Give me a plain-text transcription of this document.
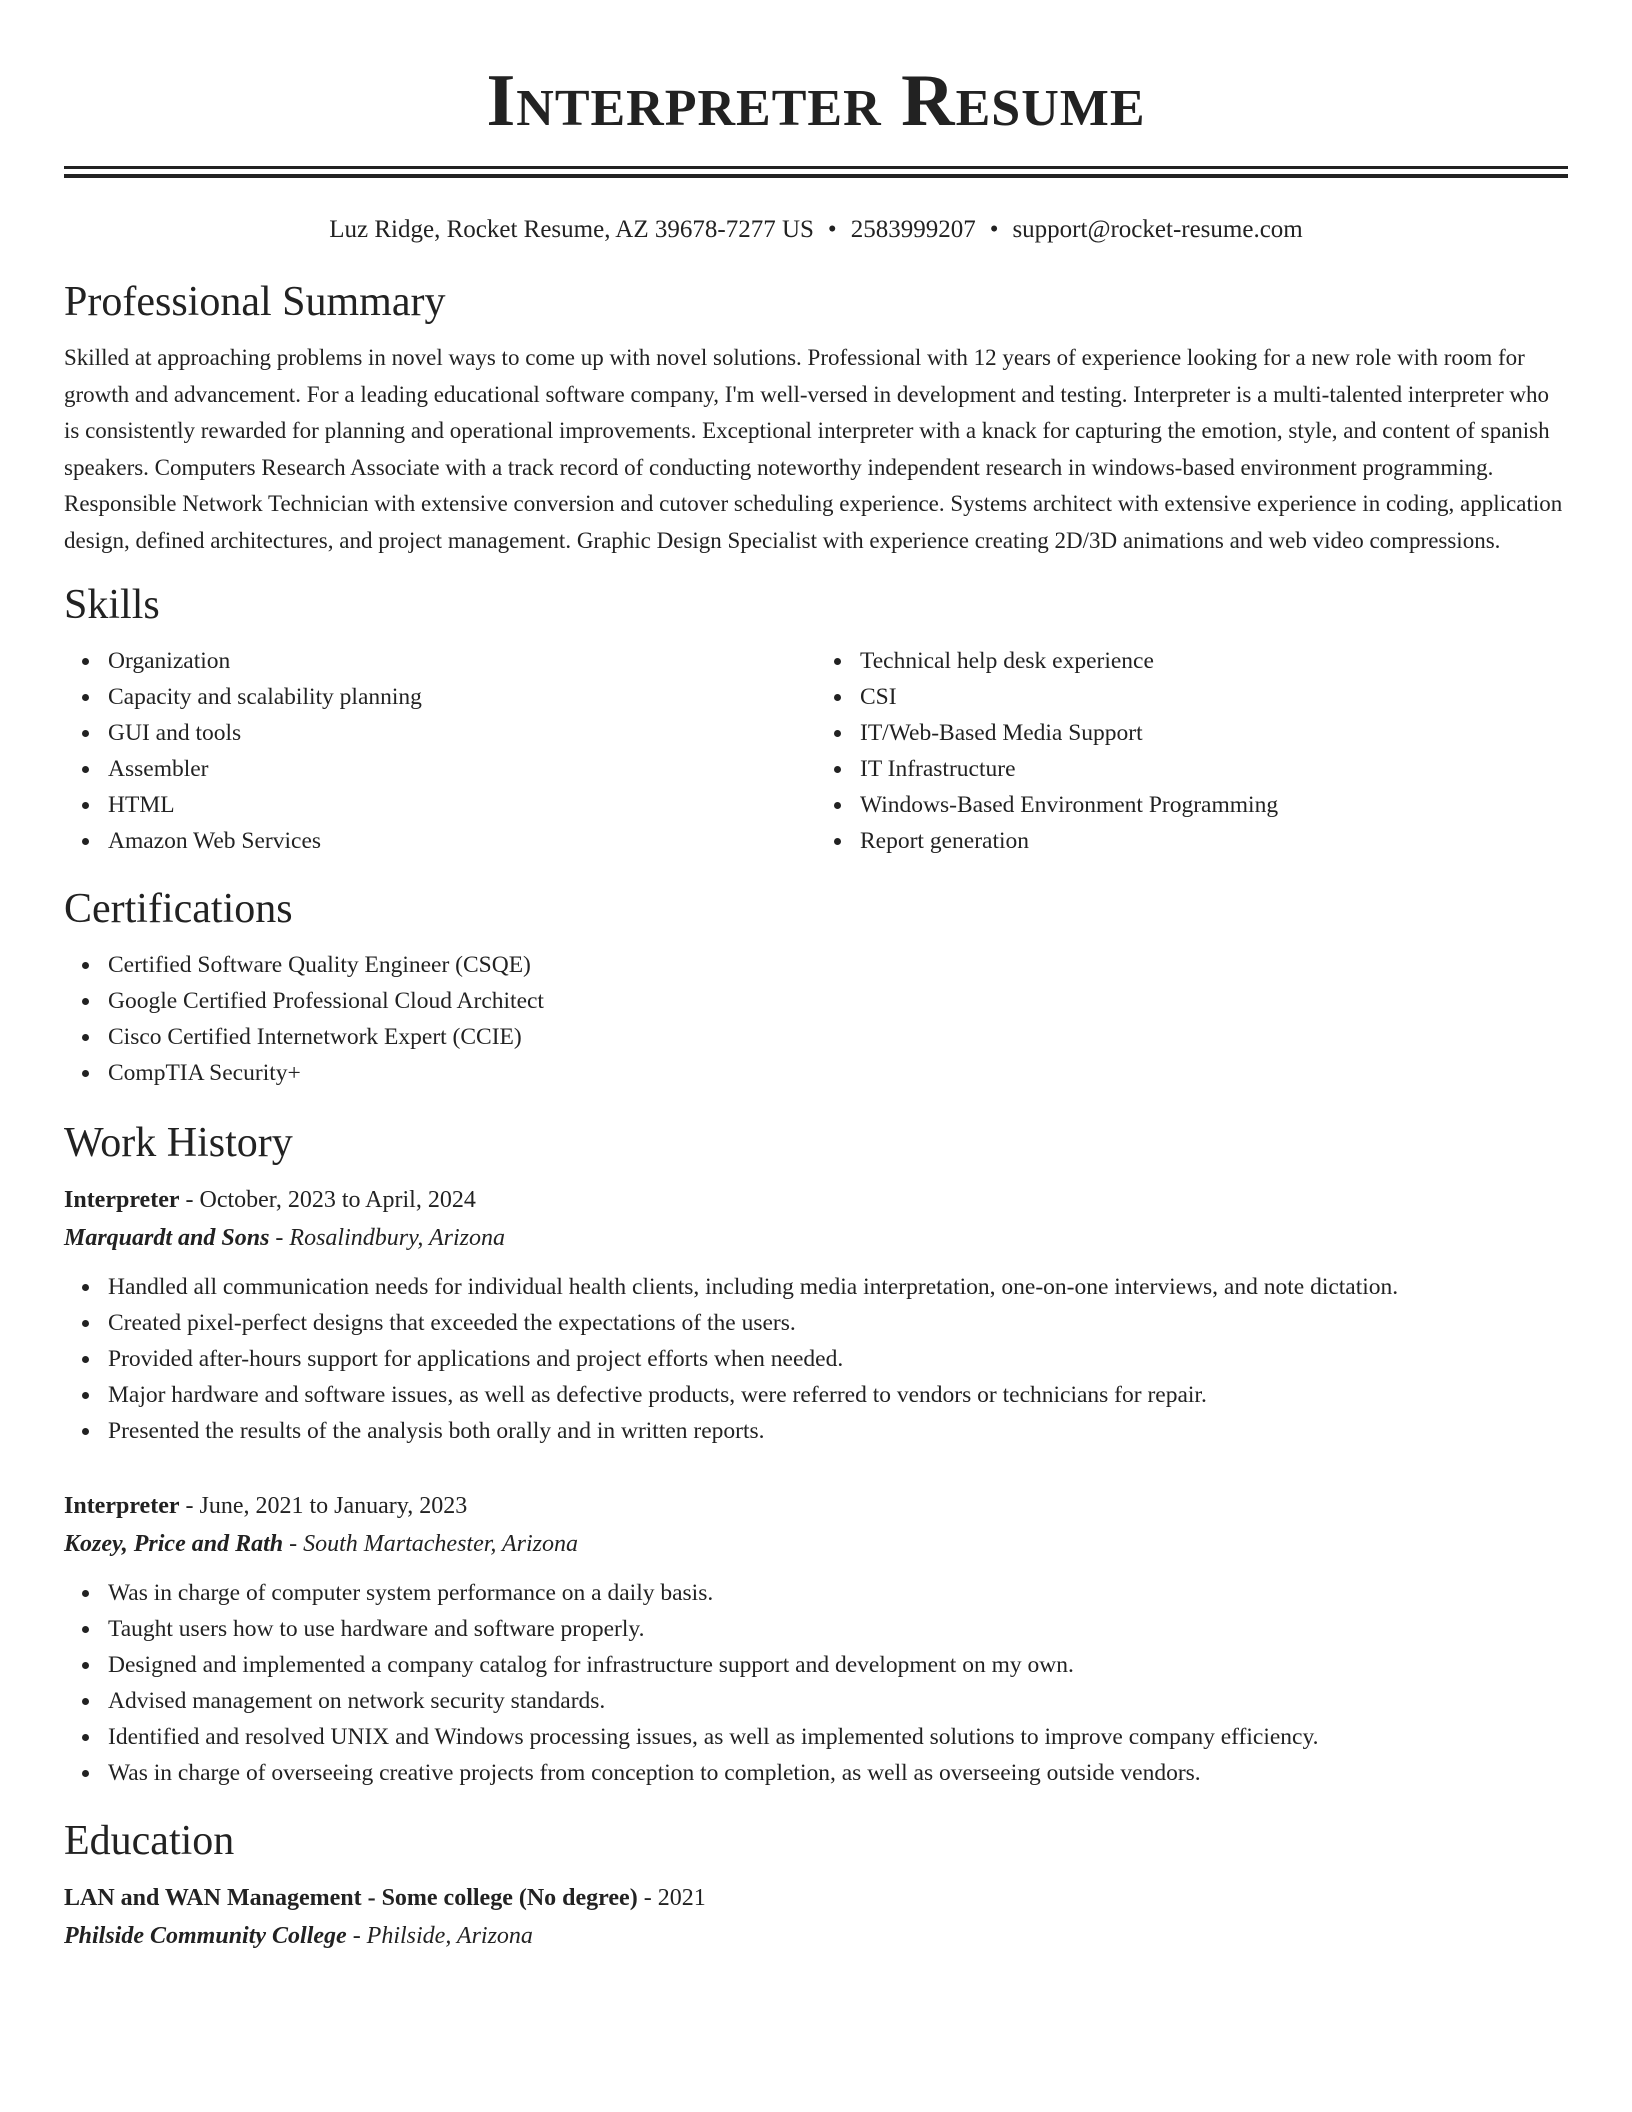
Interpreter Resume
Luz Ridge, Rocket Resume, AZ 39678-7277 US • 2583999207 • support@rocket-resume.com
Professional Summary

Skilled at approaching problems in novel ways to come up with novel solutions. Professional with 12 years of experience looking for a new role with room for growth and advancement. For a leading educational software company, I'm well-versed in development and testing. Interpreter is a multi-talented interpreter who is consistently rewarded for planning and operational improvements. Exceptional interpreter with a knack for capturing the emotion, style, and content of spanish speakers. Computers Research Associate with a track record of conducting noteworthy independent research in windows-based environment programming. Responsible Network Technician with extensive conversion and cutover scheduling experience. Systems architect with extensive experience in coding, application design, defined architectures, and project management. Graphic Design Specialist with experience creating 2D/3D animations and web video compressions.

Skills
Organization
Capacity and scalability planning
GUI and tools
Assembler
HTML
Amazon Web Services
Technical help desk experience
CSI
IT/Web-Based Media Support
IT Infrastructure
Windows-Based Environment Programming
Report generation
Certifications
Certified Software Quality Engineer (CSQE)
Google Certified Professional Cloud Architect
Cisco Certified Internetwork Expert (CCIE)
CompTIA Security+
Work History
Interpreter - October, 2023 to April, 2024
Marquardt and Sons - Rosalindbury, Arizona
Handled all communication needs for individual health clients, including media interpretation, one-on-one interviews, and note dictation.
Created pixel-perfect designs that exceeded the expectations of the users.
Provided after-hours support for applications and project efforts when needed.
Major hardware and software issues, as well as defective products, were referred to vendors or technicians for repair.
Presented the results of the analysis both orally and in written reports.
Interpreter - June, 2021 to January, 2023
Kozey, Price and Rath - South Martachester, Arizona
Was in charge of computer system performance on a daily basis.
Taught users how to use hardware and software properly.
Designed and implemented a company catalog for infrastructure support and development on my own.
Advised management on network security standards.
Identified and resolved UNIX and Windows processing issues, as well as implemented solutions to improve company efficiency.
Was in charge of overseeing creative projects from conception to completion, as well as overseeing outside vendors.
Education
LAN and WAN Management - Some college (No degree) - 2021
Philside Community College - Philside, Arizona
